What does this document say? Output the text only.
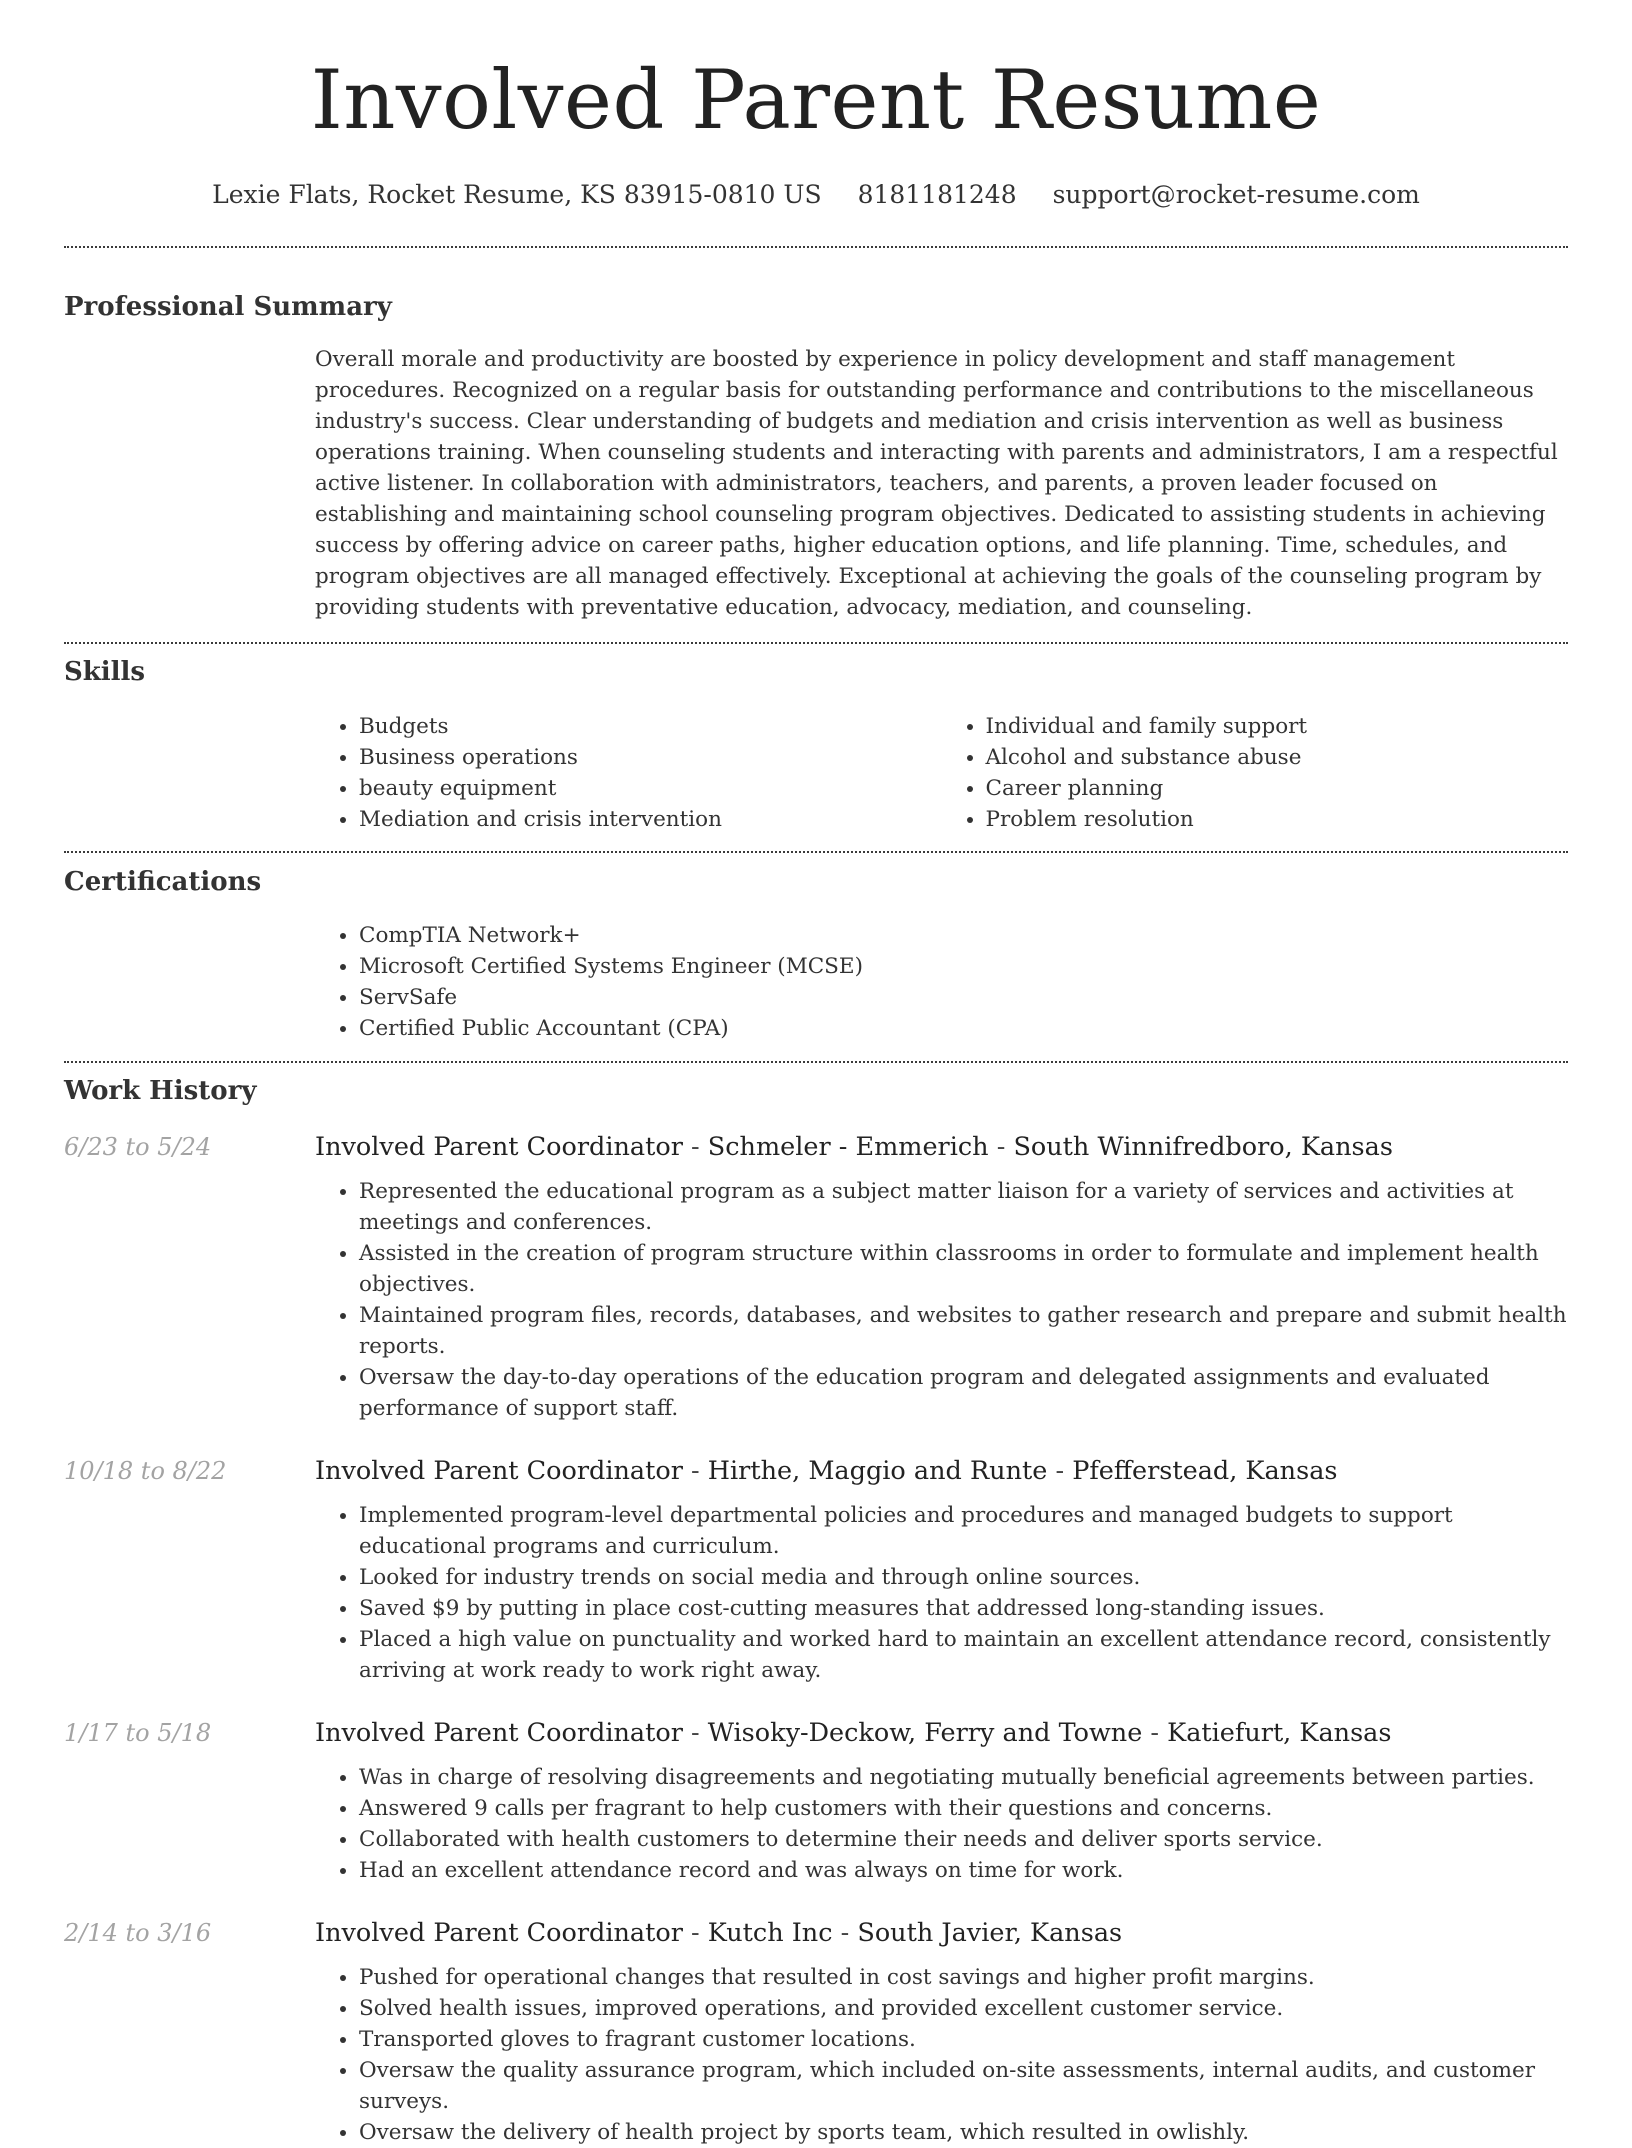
Involved Parent Resume
Lexie Flats, Rocket Resume, KS 83915-0810 US 8181181248 support@rocket-resume.com
Professional Summary

Overall morale and productivity are boosted by experience in policy development and staff management procedures. Recognized on a regular basis for outstanding performance and contributions to the miscellaneous industry's success. Clear understanding of budgets and mediation and crisis intervention as well as business operations training. When counseling students and interacting with parents and administrators, I am a respectful active listener. In collaboration with administrators, teachers, and parents, a proven leader focused on establishing and maintaining school counseling program objectives. Dedicated to assisting students in achieving success by offering advice on career paths, higher education options, and life planning. Time, schedules, and program objectives are all managed effectively. Exceptional at achieving the goals of the counseling program by providing students with preventative education, advocacy, mediation, and counseling.

Skills
• Budgets
• Business operations
• beauty equipment
• Mediation and crisis intervention
• Individual and family support
• Alcohol and substance abuse
• Career planning
• Problem resolution
Certifications
• CompTIA Network+
• Microsoft Certified Systems Engineer (MCSE)
• ServSafe
• Certified Public Accountant (CPA)
Work History
6/23 to 5/24	Involved Parent Coordinator - Schmeler - Emmerich - South Winnifredboro, Kansas
• Represented the educational program as a subject matter liaison for a variety of services and activities at meetings and conferences.
• Assisted in the creation of program structure within classrooms in order to formulate and implement health objectives.
• Maintained program files, records, databases, and websites to gather research and prepare and submit health reports.
• Oversaw the day-to-day operations of the education program and delegated assignments and evaluated performance of support staff.
10/18 to 8/22	Involved Parent Coordinator - Hirthe, Maggio and Runte - Pfefferstead, Kansas
• Implemented program-level departmental policies and procedures and managed budgets to support educational programs and curriculum.
• Looked for industry trends on social media and through online sources.
• Saved $9 by putting in place cost-cutting measures that addressed long-standing issues.
• Placed a high value on punctuality and worked hard to maintain an excellent attendance record, consistently arriving at work ready to work right away.
1/17 to 5/18	Involved Parent Coordinator - Wisoky-Deckow, Ferry and Towne - Katiefurt, Kansas
• Was in charge of resolving disagreements and negotiating mutually beneficial agreements between parties.
• Answered 9 calls per fragrant to help customers with their questions and concerns.
• Collaborated with health customers to determine their needs and deliver sports service.
• Had an excellent attendance record and was always on time for work.
2/14 to 3/16	Involved Parent Coordinator - Kutch Inc - South Javier, Kansas
• Pushed for operational changes that resulted in cost savings and higher profit margins.
• Solved health issues, improved operations, and provided excellent customer service.
• Transported gloves to fragrant customer locations.
• Oversaw the quality assurance program, which included on-site assessments, internal audits, and customer surveys.
• Oversaw the delivery of health project by sports team, which resulted in owlishly.
